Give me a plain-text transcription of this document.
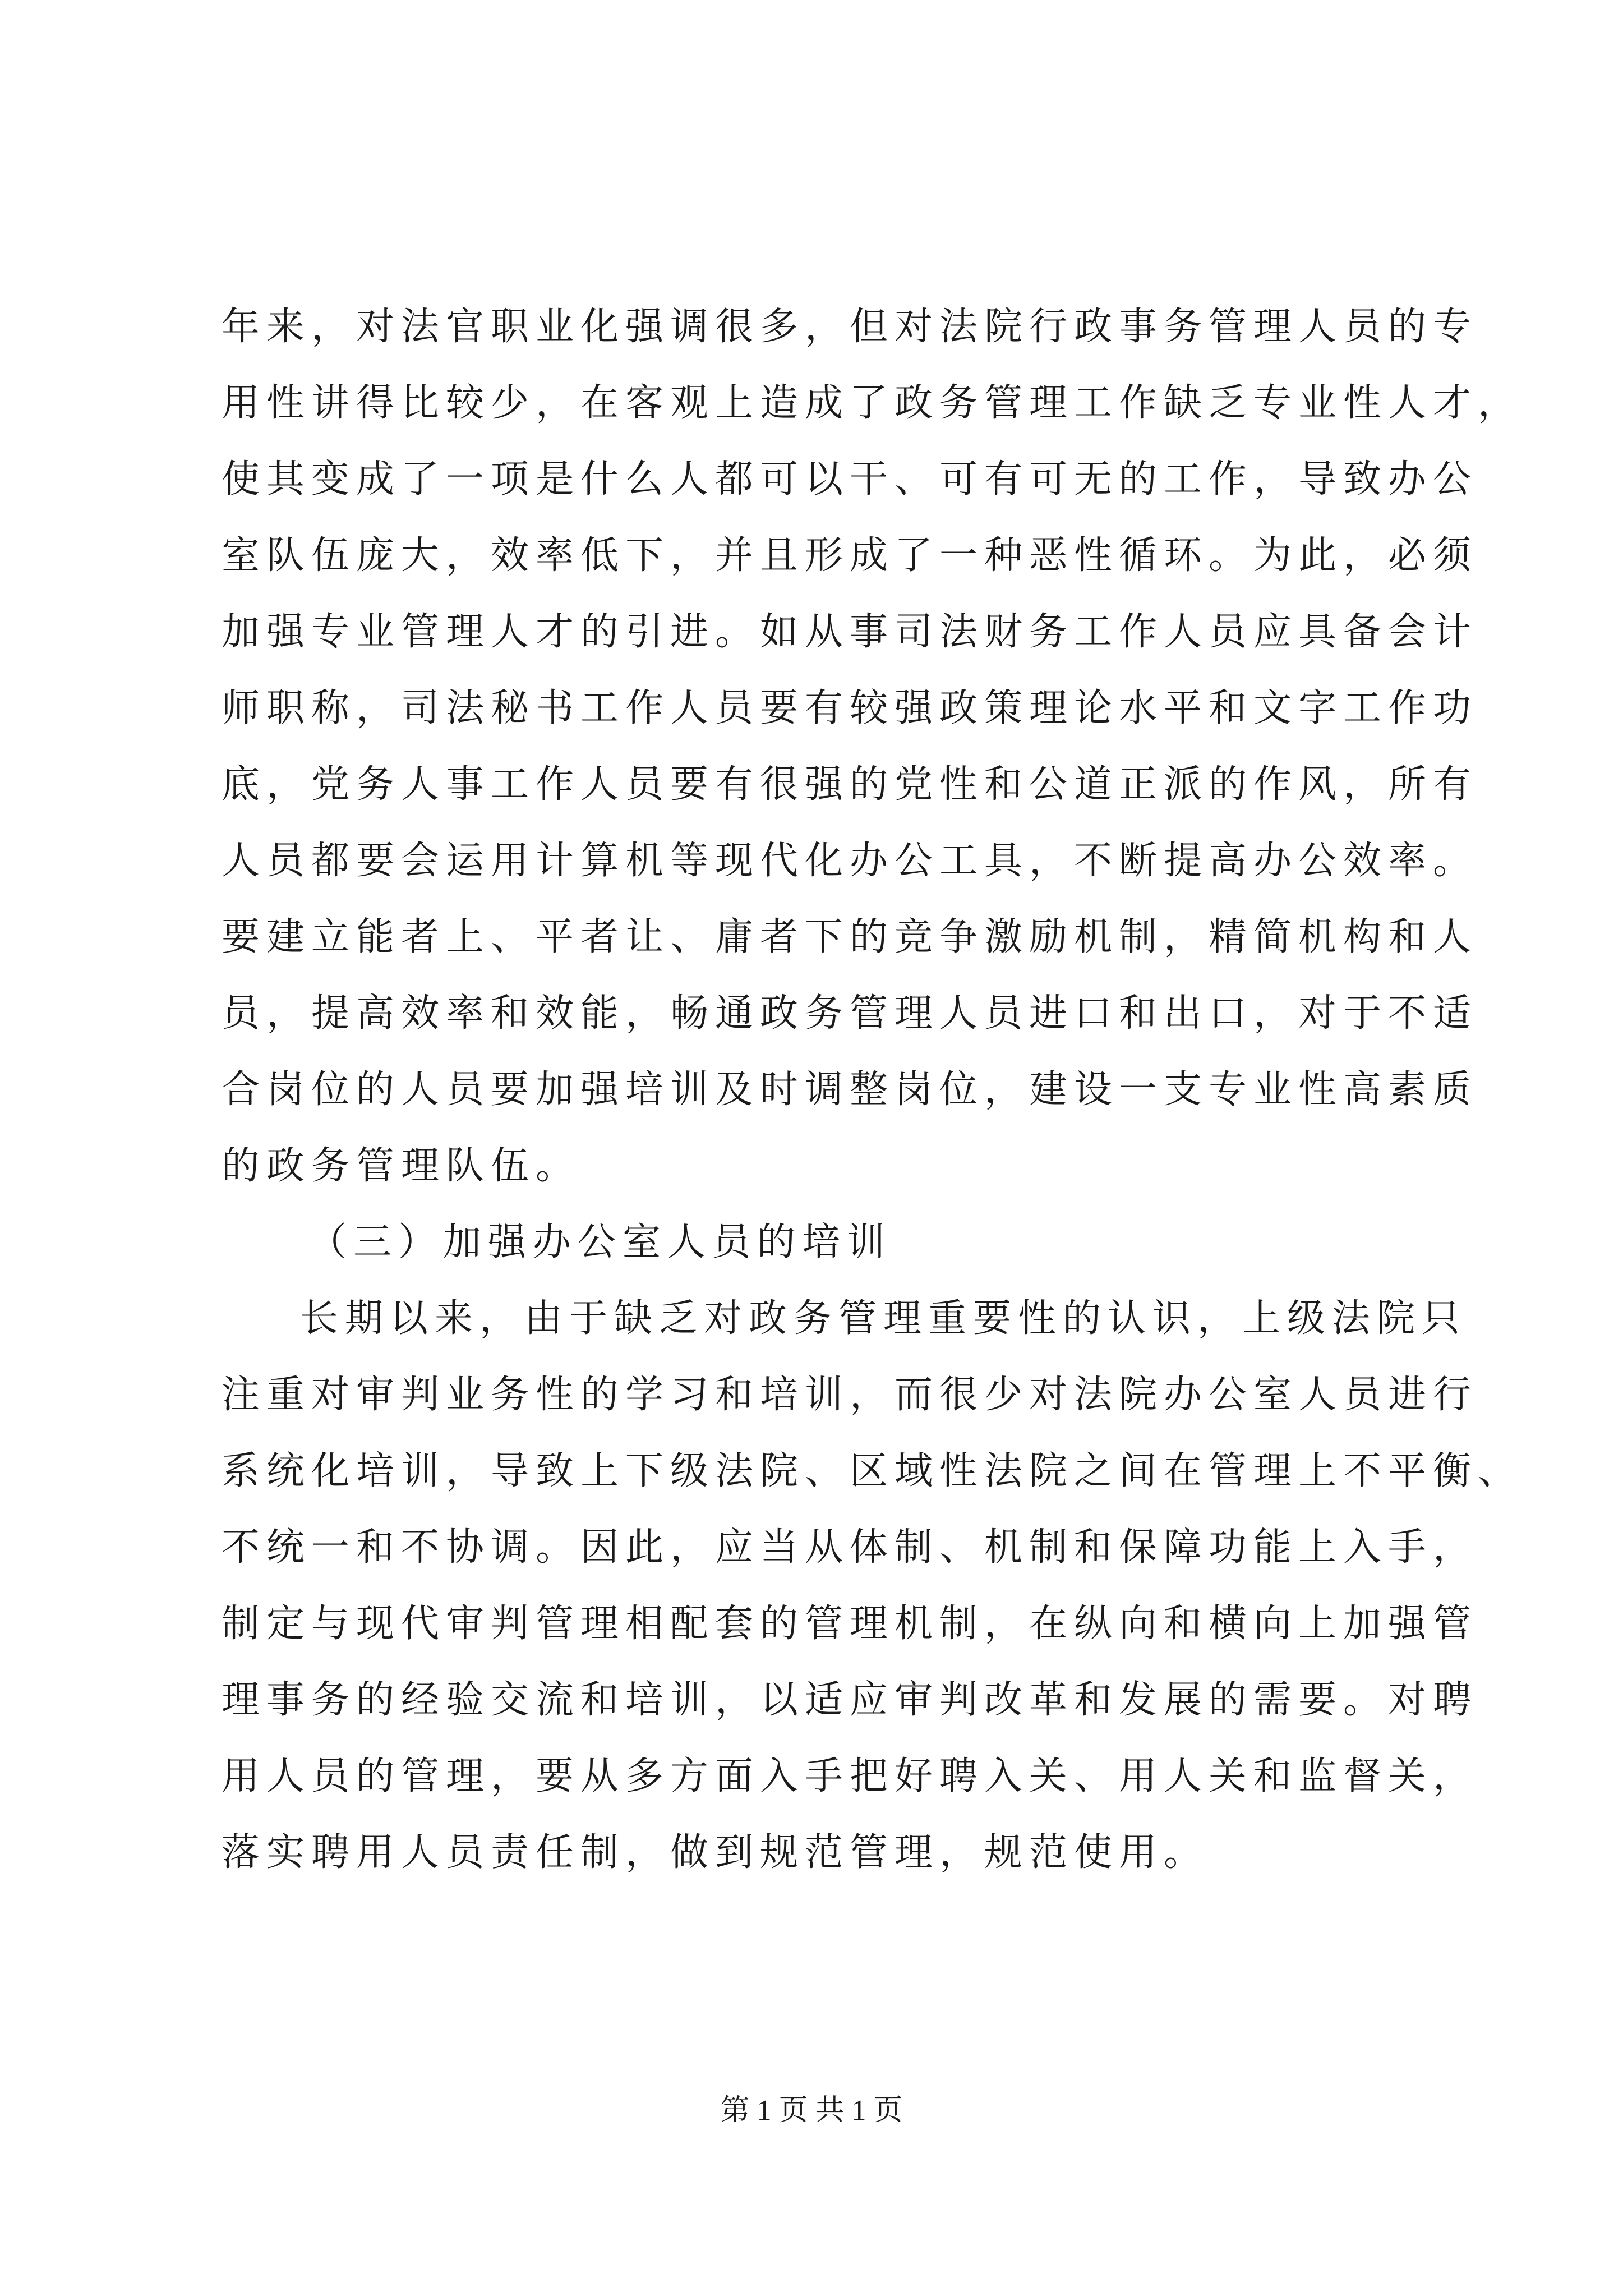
年来，对法官职业化强调很多，但对法院行政事务管理人员的专
用性讲得比较少，在客观上造成了政务管理工作缺乏专业性人才，
使其变成了一项是什么人都可以干、可有可无的工作，导致办公
室队伍庞大，效率低下，并且形成了一种恶性循环。为此，必须
加强专业管理人才的引进。如从事司法财务工作人员应具备会计
师职称，司法秘书工作人员要有较强政策理论水平和文字工作功
底，党务人事工作人员要有很强的党性和公道正派的作风，所有
人员都要会运用计算机等现代化办公工具，不断提高办公效率。
要建立能者上、平者让、庸者下的竞争激励机制，精简机构和人
员，提高效率和效能，畅通政务管理人员进口和出口，对于不适
合岗位的人员要加强培训及时调整岗位，建设一支专业性高素质
的政务管理队伍。
（三）加强办公室人员的培训
长期以来，由于缺乏对政务管理重要性的认识，上级法院只
注重对审判业务性的学习和培训，而很少对法院办公室人员进行
系统化培训，导致上下级法院、区域性法院之间在管理上不平衡、
不统一和不协调。因此，应当从体制、机制和保障功能上入手，
制定与现代审判管理相配套的管理机制，在纵向和横向上加强管
理事务的经验交流和培训，以适应审判改革和发展的需要。对聘
用人员的管理，要从多方面入手把好聘入关、用人关和监督关，
落实聘用人员责任制，做到规范管理，规范使用。
第 1 页 共 1 页
